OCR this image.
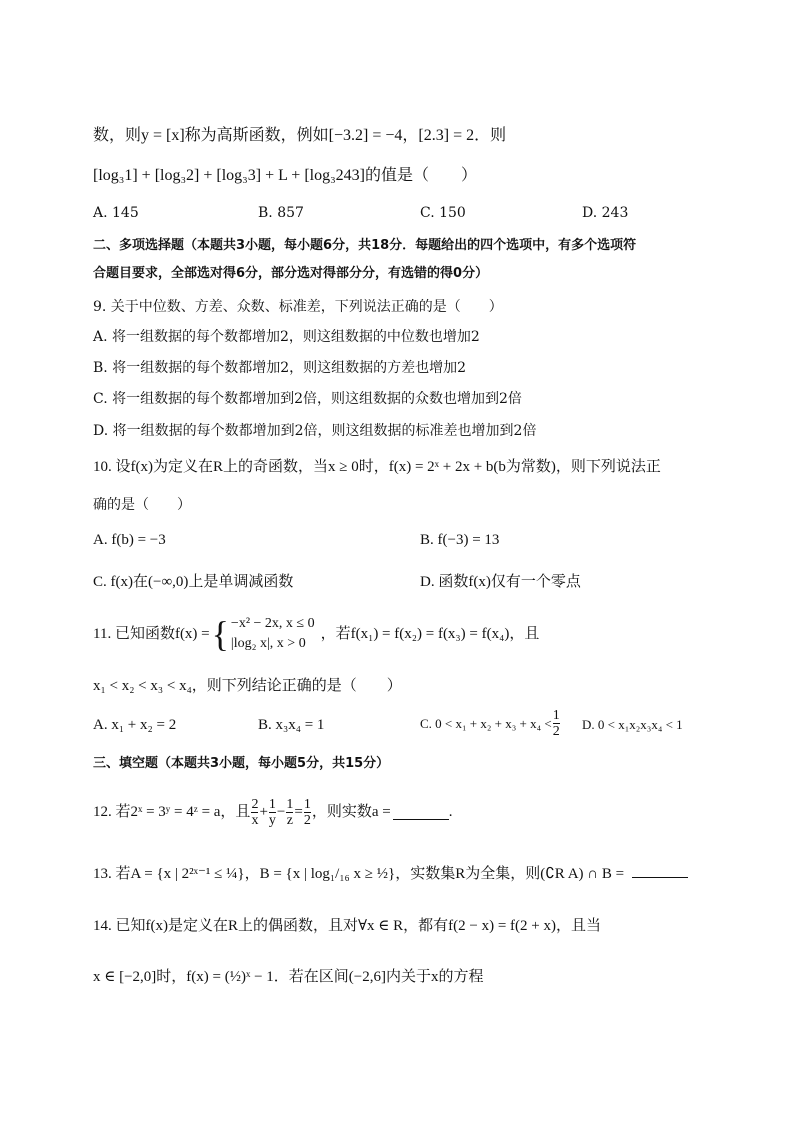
数，则y = [x]称为高斯函数，例如[−3.2] = −4，[2.3] = 2．则
[log₃1] + [log₃2] + [log₃3] + L + [log₃243]的值是（　　）
A. 145	B. 857	C. 150	D. 243
二、多项选择题（本题共3小题，每小题6分，共18分．每题给出的四个选项中，有多个选项符
合题目要求，全部选对得6分，部分选对得部分分，有选错的得0分）
9. 关于中位数、方差、众数、标准差，下列说法正确的是（　　）
A. 将一组数据的每个数都增加2，则这组数据的中位数也增加2
B. 将一组数据的每个数都增加2，则这组数据的方差也增加2
C. 将一组数据的每个数都增加到2倍，则这组数据的众数也增加到2倍
D. 将一组数据的每个数都增加到2倍，则这组数据的标准差也增加到2倍
10. 设f(x)为定义在R上的奇函数，当x ≥ 0时，f(x) = 2ˣ + 2x + b(b为常数)，则下列说法正
确的是（　　）
A. f(b) = −3	B. f(−3) = 13
C. f(x)在(−∞,0)上是单调减函数	D. 函数f(x)仅有一个零点
11. 已知函数f(x) = { −x² − 2x, x ≤ 0
|log₂ x|, x > 0
，若f(x₁) = f(x₂) = f(x₃) = f(x₄)，且
x₁ < x₂ < x₃ < x₄，则下列结论正确的是（　　）
A. x₁ + x₂ = 2	B. x₃x₄ = 1	C. $0 < x_1 + x_2 + x_3 + x_4 < \frac{1}{2} D$. 0 < x₁x₂x₃x₄ < 1
三、填空题（本题共3小题，每小题5分，共15分）
12. 若2ˣ = 3ʸ = 4ᶻ = a，且 $\frac{2}{x} + \frac{1}{y} - \frac{1}{z} = \frac{1}{2}$ ，则实数a =	.
13. 若A = {x | 2²ˣ⁻¹ ≤ ¼}，B = {x | log₁/₁₆ x ≥ ½}，实数集R为全集，则(∁R A) ∩ B =
14. 已知f(x)是定义在R上的偶函数，且对∀x ∈ R，都有f(2 − x) = f(2 + x)，且当
x ∈ [−2,0]时，f(x) = (½)ˣ − 1．若在区间(−2,6]内关于x的方程
